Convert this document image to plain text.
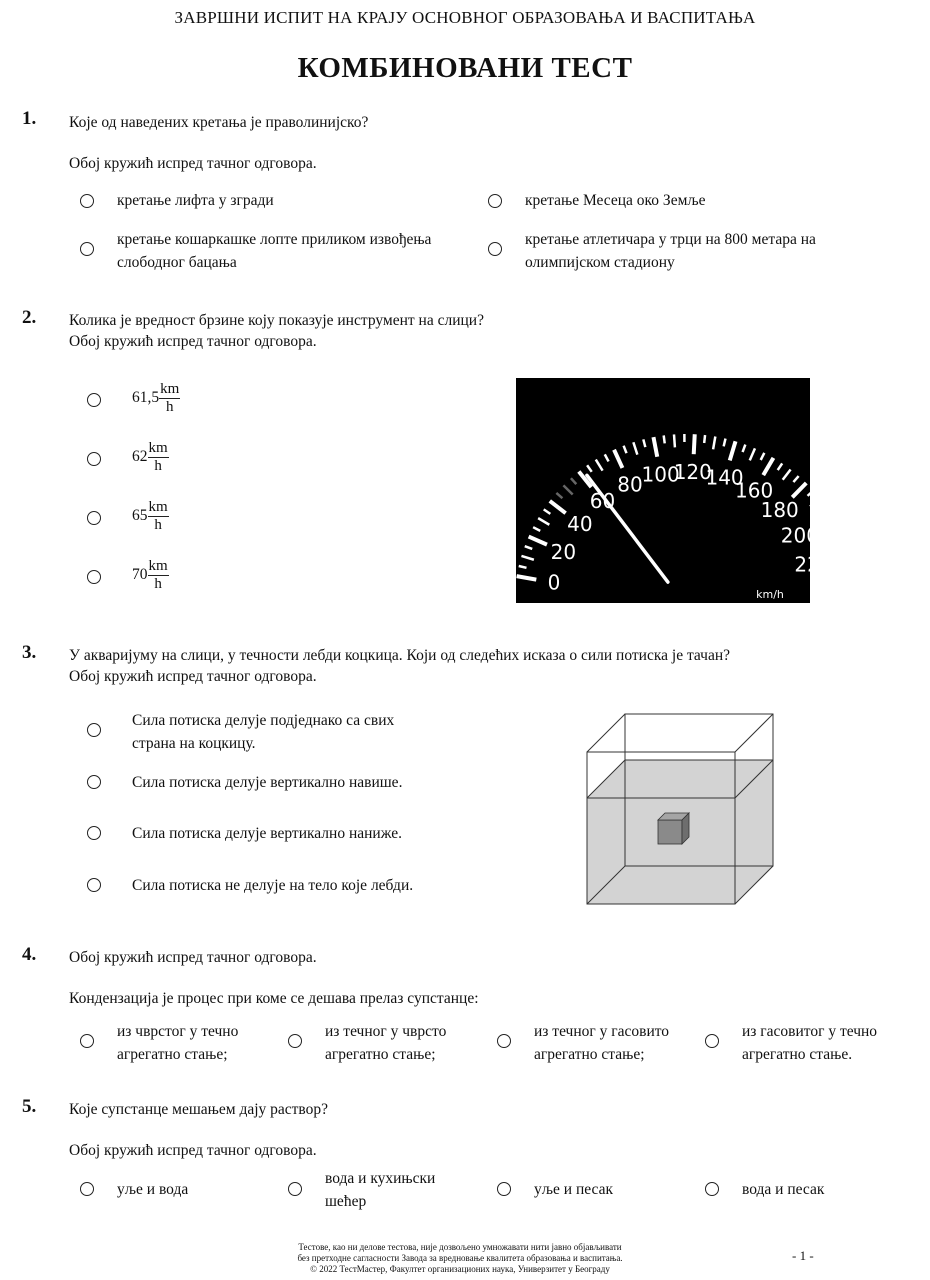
ЗАВРШНИ ИСПИТ НА КРАЈУ ОСНОВНОГ ОБРАЗОВАЊА И ВАСПИТАЊА
КОМБИНОВАНИ ТЕСТ
1. Које од наведених кретања је праволинијско?
Обој кружић испред тачног одговора.
кретање лифта у згради	кретање Месеца око Земље
кретање кошаркашке лопте приликом извођења слободног бацања
кретање атлетичара у трци на 800 метара на олимпијском стадиону
2. Колика је вредност брзине коју показује инструмент на слици?
Обој кружић испред тачног одговора.
$61,5 \frac{km}{h}$
$62 \frac{km}{h}$
$65 \frac{km}{h}$
$70 \frac{km}{h}$	0
20
40
60
80
100
120
140
160
180
200
220
km/h
3. У акваријуму на слици, у течности лебди коцкица. Који од следећих исказа о сили потиска је тачан?
Обој кружић испред тачног одговора.
Сила потиска делује подједнако са свих страна на коцкицу.
Сила потиска делује вертикално навише.
Сила потиска делује вертикално наниже.
Сила потиска не делује на тело које лебди.
4. Обој кружић испред тачног одговора.
Кондензација је процес при коме се дешава прелаз супстанце:
из чврстог у течно агрегатно стање;
из течног у чврсто агрегатно стање;
из течног у гасовито агрегатно стање;
из гасовитог у течно агрегатно стање.
5. Које супстанце мешањем дају раствор?
Обој кружић испред тачног одговора.
уље и вода
вода и кухињски шећер
уље и песак	вода и песак
Тестове, као ни делове тестова, није дозвољено умножавати нити јавно објављивати
без претходне сагласности Завода за вредновање квалитета образовања и васпитања.
© 2022 ТестМастер, Факултет организационих наука, Универзитет у Београду
- 1 -
